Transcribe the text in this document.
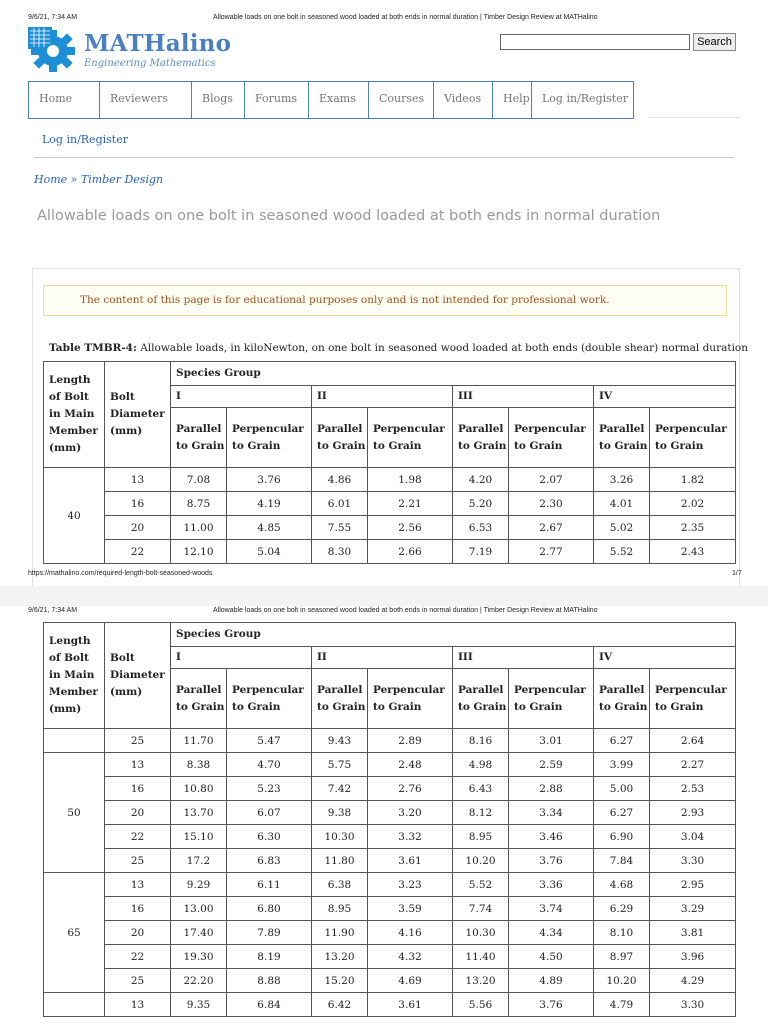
9/6/21, 7:34 AM	Allowable loads on one bolt in seasoned wood loaded at both ends in normal duration | Timber Design Review at MATHalino
MATHalino
Engineering Mathematics
Search
Home	Reviewers	Blogs	Forums	Exams	Courses	Videos	Help	Log in/Register
Log in/Register
Home » Timber Design
Allowable loads on one bolt in seasoned wood loaded at both ends in normal duration
The content of this page is for educational purposes only and is not intended for professional work.
Table TMBR-4: Allowable loads, in kiloNewton, on one bolt in seasoned wood loaded at both ends (double shear) normal duration
Length of Bolt in Main Member (mm)	Bolt Diameter (mm)	Species Group							
		I		II		III		IV	
		Parallel to Grain	Perpencular to Grain	Parallel to Grain	Perpencular to Grain	Parallel to Grain	Perpencular to Grain	Parallel to Grain	Perpencular to Grain
40	13	7.08	3.76	4.86	1.98	4.20	2.07	3.26	1.82
	16	8.75	4.19	6.01	2.21	5.20	2.30	4.01	2.02
	20	11.00	4.85	7.55	2.56	6.53	2.67	5.02	2.35
	22	12.10	5.04	8.30	2.66	7.19	2.77	5.52	2.43
https://mathalino.com/required-length-bolt-seasoned-woods	1/7
9/6/21, 7:34 AM	Allowable loads on one bolt in seasoned wood loaded at both ends in normal duration | Timber Design Review at MATHalino
Length of Bolt in Main Member (mm)	Bolt Diameter (mm)	Species Group							
		I		II		III		IV	
		Parallel to Grain	Perpencular to Grain	Parallel to Grain	Perpencular to Grain	Parallel to Grain	Perpencular to Grain	Parallel to Grain	Perpencular to Grain
	25	11.70	5.47	9.43	2.89	8.16	3.01	6.27	2.64
50	13	8.38	4.70	5.75	2.48	4.98	2.59	3.99	2.27
	16	10.80	5.23	7.42	2.76	6.43	2.88	5.00	2.53
	20	13.70	6.07	9.38	3.20	8.12	3.34	6.27	2.93
	22	15.10	6.30	10.30	3.32	8.95	3.46	6.90	3.04
	25	17.2	6.83	11.80	3.61	10.20	3.76	7.84	3.30
65	13	9.29	6.11	6.38	3.23	5.52	3.36	4.68	2.95
	16	13.00	6.80	8.95	3.59	7.74	3.74	6.29	3.29
	20	17.40	7.89	11.90	4.16	10.30	4.34	8.10	3.81
	22	19.30	8.19	13.20	4.32	11.40	4.50	8.97	3.96
	25	22.20	8.88	15.20	4.69	13.20	4.89	10.20	4.29
	13	9.35	6.84	6.42	3.61	5.56	3.76	4.79	3.30
